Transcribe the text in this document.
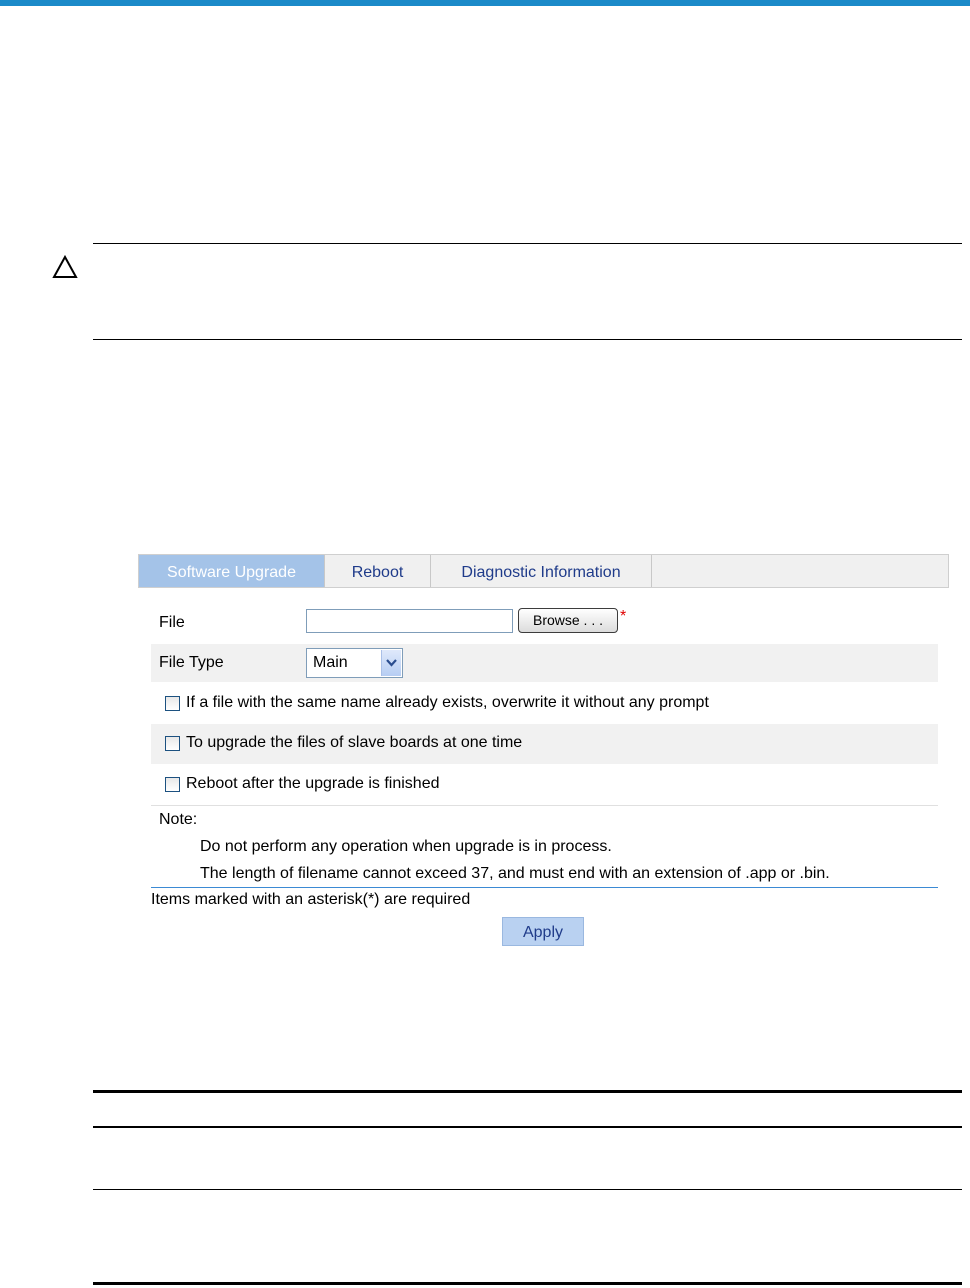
Software Upgrade	Reboot	Diagnostic Information
File	Browse . . .	*
File Type	Main
If a file with the same name already exists, overwrite it without any prompt
To upgrade the files of slave boards at one time
Reboot after the upgrade is finished
Note:
Do not perform any operation when upgrade is in process.
The length of filename cannot exceed 37, and must end with an extension of .app or .bin.
Items marked with an asterisk(*) are required
Apply
